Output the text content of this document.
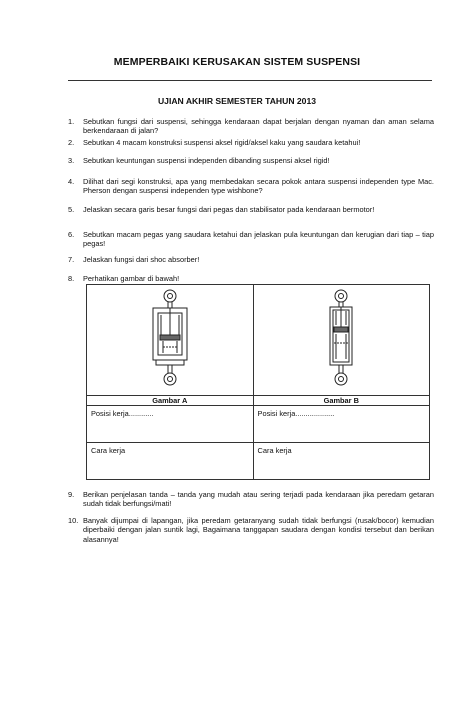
MEMPERBAIKI KERUSAKAN SISTEM SUSPENSI
UJIAN AKHIR SEMESTER TAHUN 2013
1. Sebutkan fungsi dari suspensi, sehingga kendaraan dapat berjalan dengan nyaman dan aman selama berkendaraan di jalan?
2. Sebutkan 4 macam konstruksi suspensi aksel rigid/aksel kaku yang saudara ketahui!
3. Sebutkan keuntungan suspensi independen dibanding suspensi aksel rigid!
4. Dilihat dari segi konstruksi, apa yang membedakan secara pokok antara suspensi independen type Mac. Pherson dengan suspensi independen type wishbone?
5. Jelaskan secara garis besar fungsi dari pegas dan stabilisator pada kendaraan bermotor!
6. Sebutkan macam pegas yang saudara ketahui dan jelaskan pula keuntungan dan kerugian dari tiap – tiap pegas!
7. Jelaskan fungsi dari shoc absorber!
8. Perhatikan gambar di bawah!

Gambar A	Gambar B
Posisi kerja............	Posisi kerja...................
Cara kerja	Cara kerja
9. Berikan penjelasan tanda – tanda yang mudah atau sering terjadi pada kendaraan jika peredam getaran sudah tidak berfungsi/mati!
10. Banyak dijumpai di lapangan, jika peredam getaranyang sudah tidak berfungsi (rusak/bocor) kemudian diperbaiki dengan jalan suntik lagi, Bagaimana tanggapan saudara dengan kondisi tersebut dan berikan alasannya!
